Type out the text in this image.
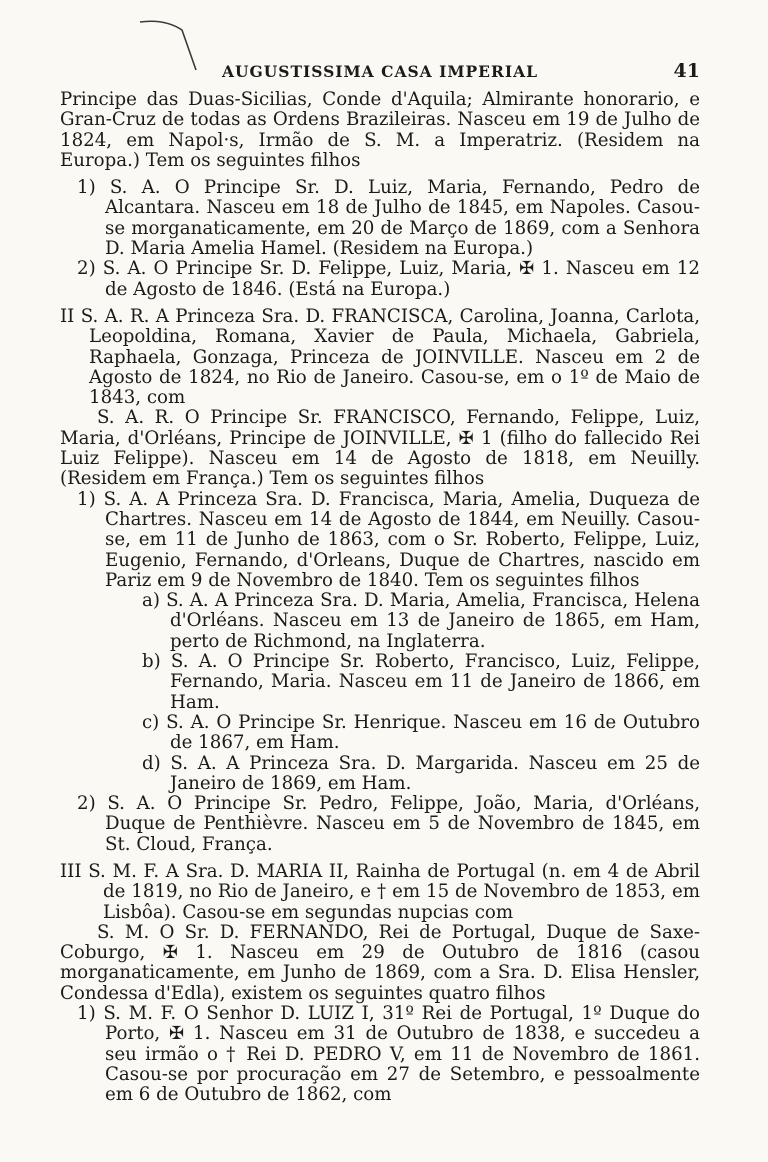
AUGUSTISSIMA CASA IMPERIAL	41

Principe das Duas-Sicilias, Conde d'Aquila; Almirante honorario, e Gran-Cruz de todas as Ordens Brazileiras. Nasceu em 19 de Julho de 1824, em Napol·s, Irmão de S. M. a Imperatriz. (Residem na Europa.) Tem os seguintes filhos

1) S. A. O Principe Sr. D. Luiz, Maria, Fernando, Pedro de Alcantara. Nasceu em 18 de Julho de 1845, em Napoles. Casou-se morganaticamente, em 20 de Março de 1869, com a Senhora D. Maria Amelia Hamel. (Residem na Europa.)

2) S. A. O Principe Sr. D. Felippe, Luiz, Maria, ✠ 1. Nasceu em 12 de Agosto de 1846. (Está na Europa.)

II S. A. R. A Princeza Sra. D. FRANCISCA, Carolina, Joanna, Carlota, Leopoldina, Romana, Xavier de Paula, Michaela, Gabriela, Raphaela, Gonzaga, Princeza de JOINVILLE. Nasceu em 2 de Agosto de 1824, no Rio de Janeiro. Casou-se, em o 1º de Maio de 1843, com

S. A. R. O Principe Sr. FRANCISCO, Fernando, Felippe, Luiz, Maria, d'Orléans, Principe de JOINVILLE, ✠ 1 (filho do fallecido Rei Luiz Felippe). Nasceu em 14 de Agosto de 1818, em Neuilly. (Residem em França.) Tem os seguintes filhos

1) S. A. A Princeza Sra. D. Francisca, Maria, Amelia, Duqueza de Chartres. Nasceu em 14 de Agosto de 1844, em Neuilly. Casou-se, em 11 de Junho de 1863, com o Sr. Roberto, Felippe, Luiz, Eugenio, Fernando, d'Orleans, Duque de Chartres, nascido em Pariz em 9 de Novembro de 1840. Tem os seguintes filhos

a) S. A. A Princeza Sra. D. Maria, Amelia, Francisca, Helena d'Orléans. Nasceu em 13 de Janeiro de 1865, em Ham, perto de Richmond, na Inglaterra.

b) S. A. O Principe Sr. Roberto, Francisco, Luiz, Felippe, Fernando, Maria. Nasceu em 11 de Janeiro de 1866, em Ham.

c) S. A. O Principe Sr. Henrique. Nasceu em 16 de Outubro de 1867, em Ham.

d) S. A. A Princeza Sra. D. Margarida. Nasceu em 25 de Janeiro de 1869, em Ham.

2) S. A. O Principe Sr. Pedro, Felippe, João, Maria, d'Orléans, Duque de Penthièvre. Nasceu em 5 de Novembro de 1845, em St. Cloud, França.

III S. M. F. A Sra. D. MARIA II, Rainha de Portugal (n. em 4 de Abril de 1819, no Rio de Janeiro, e † em 15 de Novembro de 1853, em Lisbôa). Casou-se em segundas nupcias com

S. M. O Sr. D. FERNANDO, Rei de Portugal, Duque de Saxe-Coburgo, ✠ 1. Nasceu em 29 de Outubro de 1816 (casou morganaticamente, em Junho de 1869, com a Sra. D. Elisa Hensler, Condessa d'Edla), existem os seguintes quatro filhos

1) S. M. F. O Senhor D. LUIZ I, 31º Rei de Portugal, 1º Duque do Porto, ✠ 1. Nasceu em 31 de Outubro de 1838, e succedeu a seu irmão o † Rei D. PEDRO V, em 11 de Novembro de 1861. Casou-se por procuração em 27 de Setembro, e pessoalmente em 6 de Outubro de 1862, com
